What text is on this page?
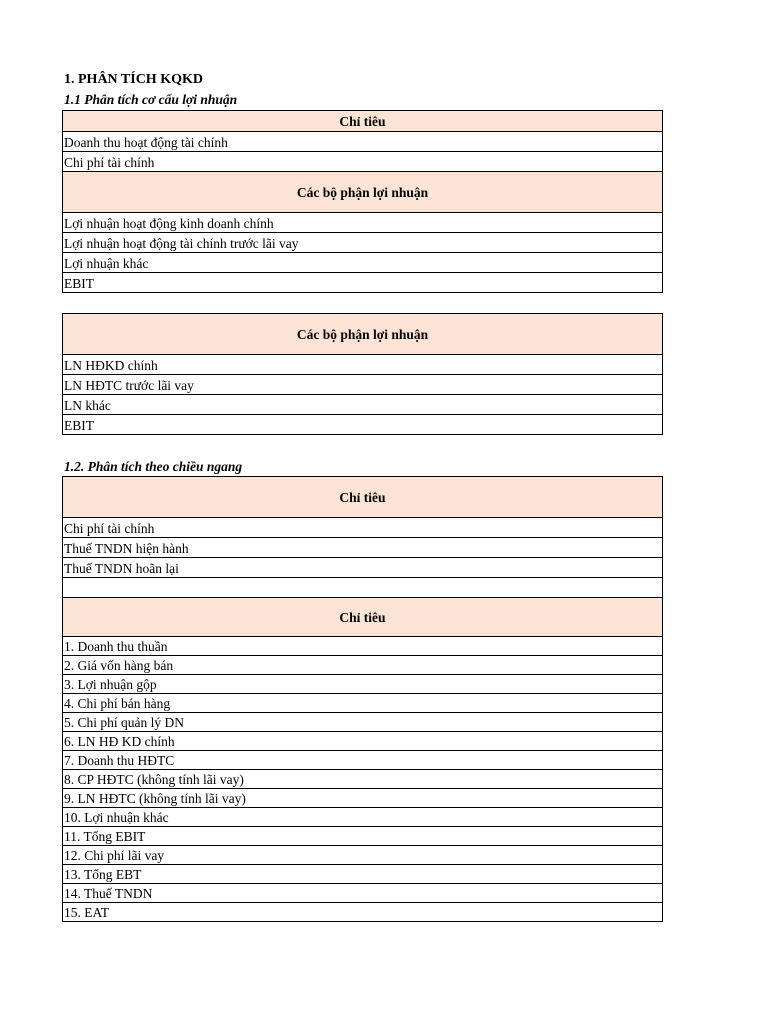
1. PHÂN TÍCH KQKD
1.1 Phân tích cơ cấu lợi nhuận
Chỉ tiêu
Doanh thu hoạt động tài chính
Chi phí tài chính
Các bộ phận lợi nhuận
Lợi nhuận hoạt động kinh doanh chính
Lợi nhuận hoạt động tài chính trước lãi vay
Lợi nhuận khác
EBIT
Các bộ phận lợi nhuận
LN HĐKD chính
LN HĐTC trước lãi vay
LN khác
EBIT
1.2. Phân tích theo chiều ngang
Chỉ tiêu
Chi phí tài chính
Thuế TNDN hiện hành
Thuế TNDN hoãn lại

Chỉ tiêu
1. Doanh thu thuần
2. Giá vốn hàng bán
3. Lợi nhuận gộp
4. Chi phí bán hàng
5. Chi phí quản lý DN
6. LN HĐ KD chính
7. Doanh thu HĐTC
8. CP HĐTC (không tính lãi vay)
9. LN HĐTC (không tính lãi vay)
10. Lợi nhuận khác
11. Tổng EBIT
12. Chi phí lãi vay
13. Tổng EBT
14. Thuế TNDN
15. EAT
